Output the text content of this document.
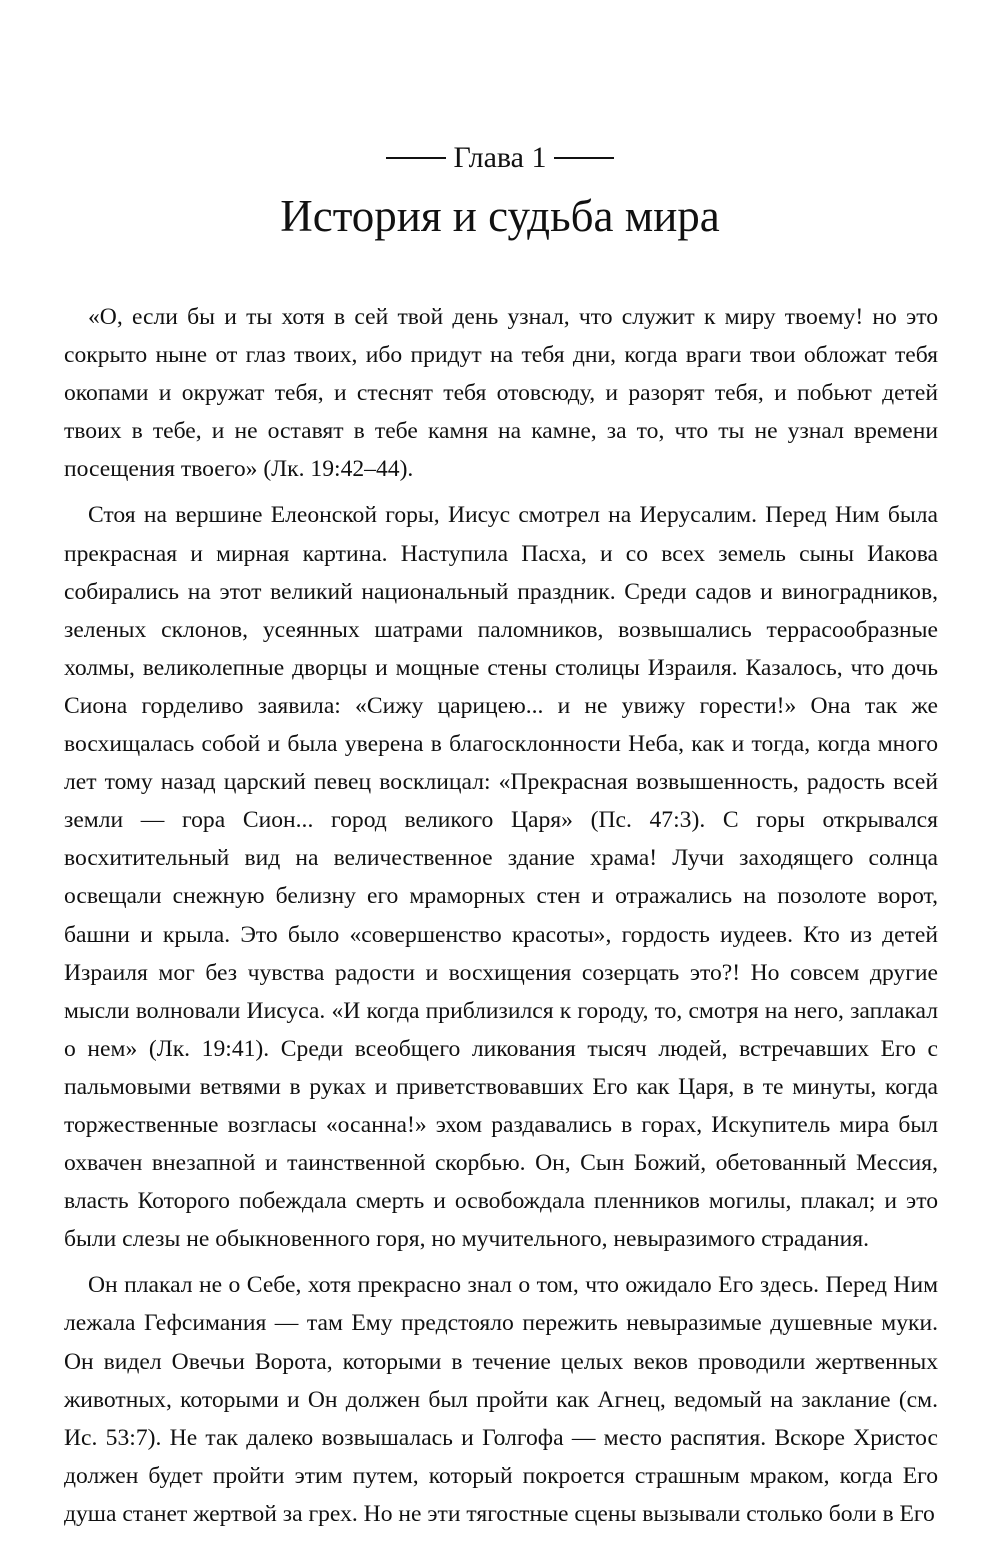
Глава 1
История и судьба мира

«О, если бы и ты хотя в сей твой день узнал, что служит к миру твоему! но это сокрыто ныне от глаз твоих, ибо придут на тебя дни, когда враги твои обложат тебя окопами и окружат тебя, и стеснят тебя отовсюду, и разорят тебя, и побьют детей твоих в тебе, и не оставят в тебе камня на камне, за то, что ты не узнал времени посещения твоего» (Лк. 19:42–44).

Стоя на вершине Елеонской горы, Иисус смотрел на Иерусалим. Перед Ним была прекрасная и мирная картина. Наступила Пасха, и со всех земель сыны Иакова собирались на этот великий национальный праздник. Среди садов и виноградников, зеленых склонов, усеянных шатрами паломников, возвышались террасообразные холмы, великолепные дворцы и мощные стены столицы Израиля. Казалось, что дочь Сиона горделиво заявила: «Сижу царицею... и не увижу горести!» Она так же восхищалась собой и была уверена в благосклонности Неба, как и тогда, когда много лет тому назад царский певец восклицал: «Прекрасная возвышенность, радость всей земли — гора Сион... город великого Царя» (Пс. 47:3). С горы открывался восхитительный вид на величественное здание храма! Лучи заходящего солнца освещали снежную белизну его мраморных стен и отражались на позолоте ворот, башни и крыла. Это было «совершенство красоты», гордость иудеев. Кто из детей Израиля мог без чувства радости и восхищения созерцать это?! Но совсем другие мысли волновали Иисуса. «И когда приблизился к городу, то, смотря на него, заплакал о нем» (Лк. 19:41). Среди всеобщего ликования тысяч людей, встречавших Его с пальмовыми ветвями в руках и приветствовавших Его как Царя, в те минуты, когда торжественные возгласы «осанна!» эхом раздавались в горах, Искупитель мира был охвачен внезапной и таинственной скорбью. Он, Сын Божий, обетованный Мессия, власть Которого побеждала смерть и освобождала пленников могилы, плакал; и это были слезы не обыкновенного горя, но мучительного, невыразимого страдания.

Он плакал не о Себе, хотя прекрасно знал о том, что ожидало Его здесь. Перед Ним лежала Гефсимания — там Ему предстояло пережить невыразимые душевные муки. Он видел Овечьи Ворота, которыми в течение целых веков проводили жертвенных животных, которыми и Он должен был пройти как Агнец, ведомый на заклание (см. Ис. 53:7). Не так далеко возвышалась и Голгофа — место распятия. Вскоре Христос должен будет пройти этим путем, который покроется страшным мраком, когда Его душа станет жертвой за грех. Но не эти тягостные сцены вызывали столько боли в Его
